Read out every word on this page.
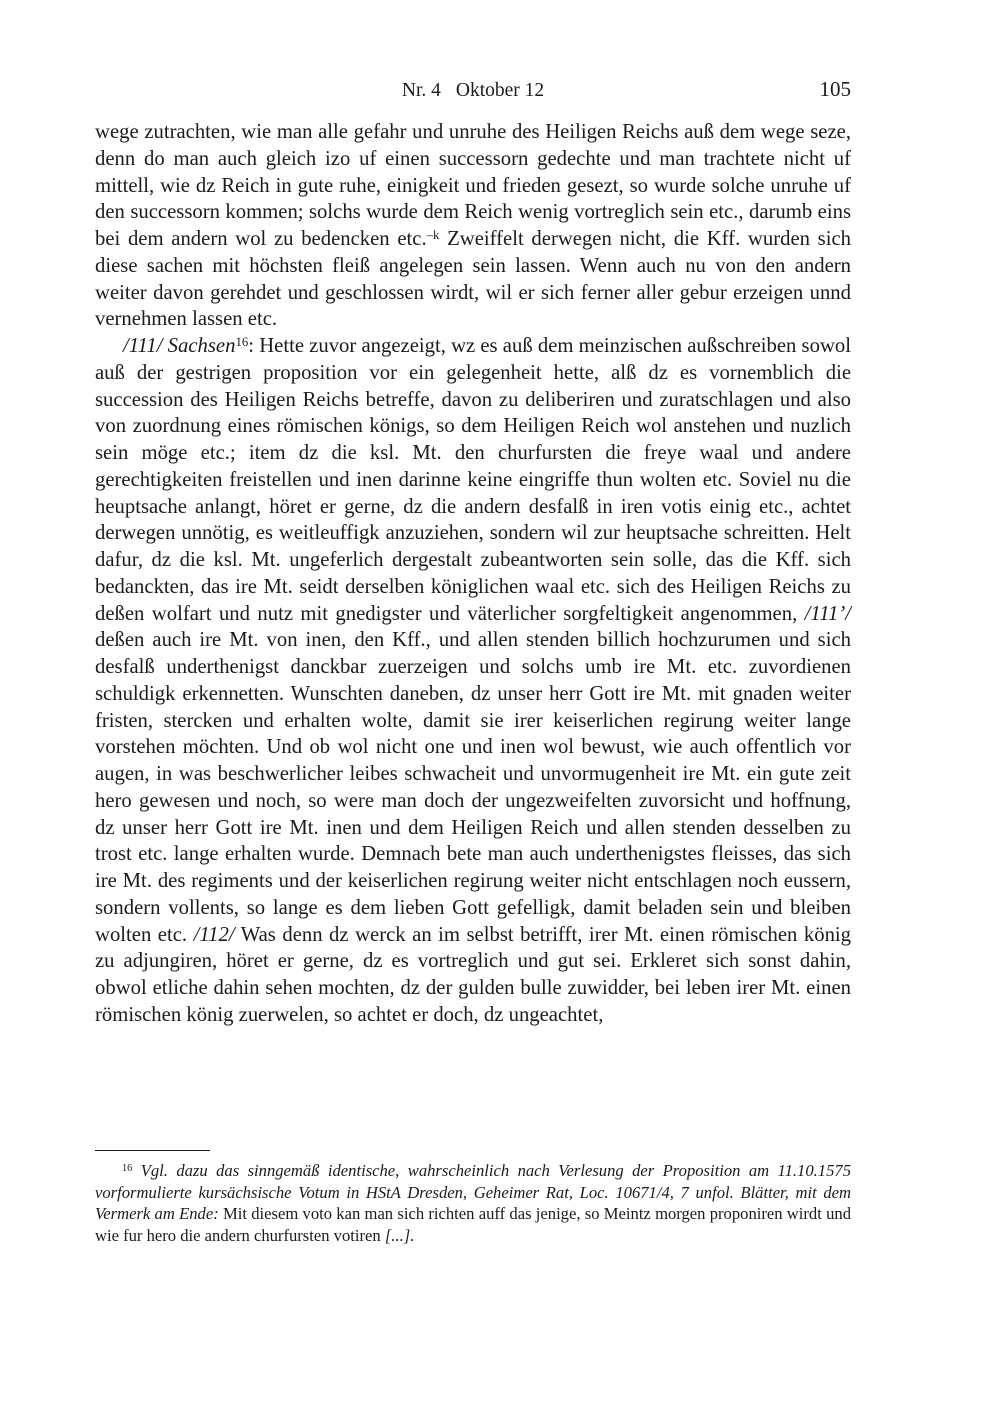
Nr. 4 Oktober 12	105

wege zutrachten, wie man alle gefahr und unruhe des Heiligen Reichs auß dem wege seze, denn do man auch gleich izo uf einen successorn gedechte und man trachtete nicht uf mittell, wie dz Reich in gute ruhe, einigkeit und frieden gesezt, so wurde solche unruhe uf den successorn kommen; solchs wurde dem Reich wenig vortreglich sein etc., darumb eins bei dem andern wol zu bedencken etc.$^{-k}$ Zweiffelt derwegen nicht, die Kff. wurden sich diese sachen mit höchsten fleiß angelegen sein lassen. Wenn auch nu von den andern weiter davon gerehdet und geschlossen wirdt, wil er sich ferner aller gebur erzeigen unnd vernehmen lassen etc.

/111/ Sachsen$^{16}$: Hette zuvor angezeigt, wz es auß dem meinzischen außschreiben sowol auß der gestrigen proposition vor ein gelegenheit hette, alß dz es vornemblich die succession des Heiligen Reichs betreffe, davon zu deliberiren und zuratschlagen und also von zuordnung eines römischen königs, so dem Heiligen Reich wol anstehen und nuzlich sein möge etc.; item dz die ksl. Mt. den churfursten die freye waal und andere gerechtigkeiten freistellen und inen darinne keine eingriffe thun wolten etc. Soviel nu die heuptsache anlangt, höret er gerne, dz die andern desfalß in iren votis einig etc., achtet derwegen unnötig, es weitleuffigk anzuziehen, sondern wil zur heuptsache schreitten. Helt dafur, dz die ksl. Mt. ungeferlich dergestalt zubeantworten sein solle, das die Kff. sich bedanckten, das ire Mt. seidt derselben königlichen waal etc. sich des Heiligen Reichs zu deßen wolfart und nutz mit gnedigster und väterlicher sorgfeltigkeit angenommen, /111’/ deßen auch ire Mt. von inen, den Kff., und allen stenden billich hochzurumen und sich desfalß underthenigst danckbar zuerzeigen und solchs umb ire Mt. etc. zuvordienen schuldigk erkennetten. Wunschten daneben, dz unser herr Gott ire Mt. mit gnaden weiter fristen, stercken und erhalten wolte, damit sie irer keiserlichen regirung weiter lange vorstehen möchten. Und ob wol nicht one und inen wol bewust, wie auch offentlich vor augen, in was beschwerlicher leibes schwacheit und unvormugenheit ire Mt. ein gute zeit hero gewesen und noch, so were man doch der ungezweifelten zuvorsicht und hoffnung, dz unser herr Gott ire Mt. inen und dem Heiligen Reich und allen stenden desselben zu trost etc. lange erhalten wurde. Demnach bete man auch underthenigstes fleisses, das sich ire Mt. des regiments und der keiserlichen regirung weiter nicht entschlagen noch eussern, sondern vollents, so lange es dem lieben Gott gefelligk, damit beladen sein und bleiben wolten etc. /112/ Was denn dz werck an im selbst betrifft, irer Mt. einen römischen könig zu adjungiren, höret er gerne, dz es vortreglich und gut sei. Erkleret sich sonst dahin, obwol etliche dahin sehen mochten, dz der gulden bulle zuwidder, bei leben irer Mt. einen römischen könig zuerwelen, so achtet er doch, dz ungeachtet,

$^{16}$ Vgl. dazu das sinngemäß identische, wahrscheinlich nach Verlesung der Proposition am 11.10.1575 vorformulierte kursächsische Votum in HStA Dresden, Geheimer Rat, Loc. 10671/4, 7 unfol. Blätter, mit dem Vermerk am Ende: Mit diesem voto kan man sich richten auff das jenige, so Meintz morgen proponiren wirdt und wie fur hero die andern churfursten votiren [...].
